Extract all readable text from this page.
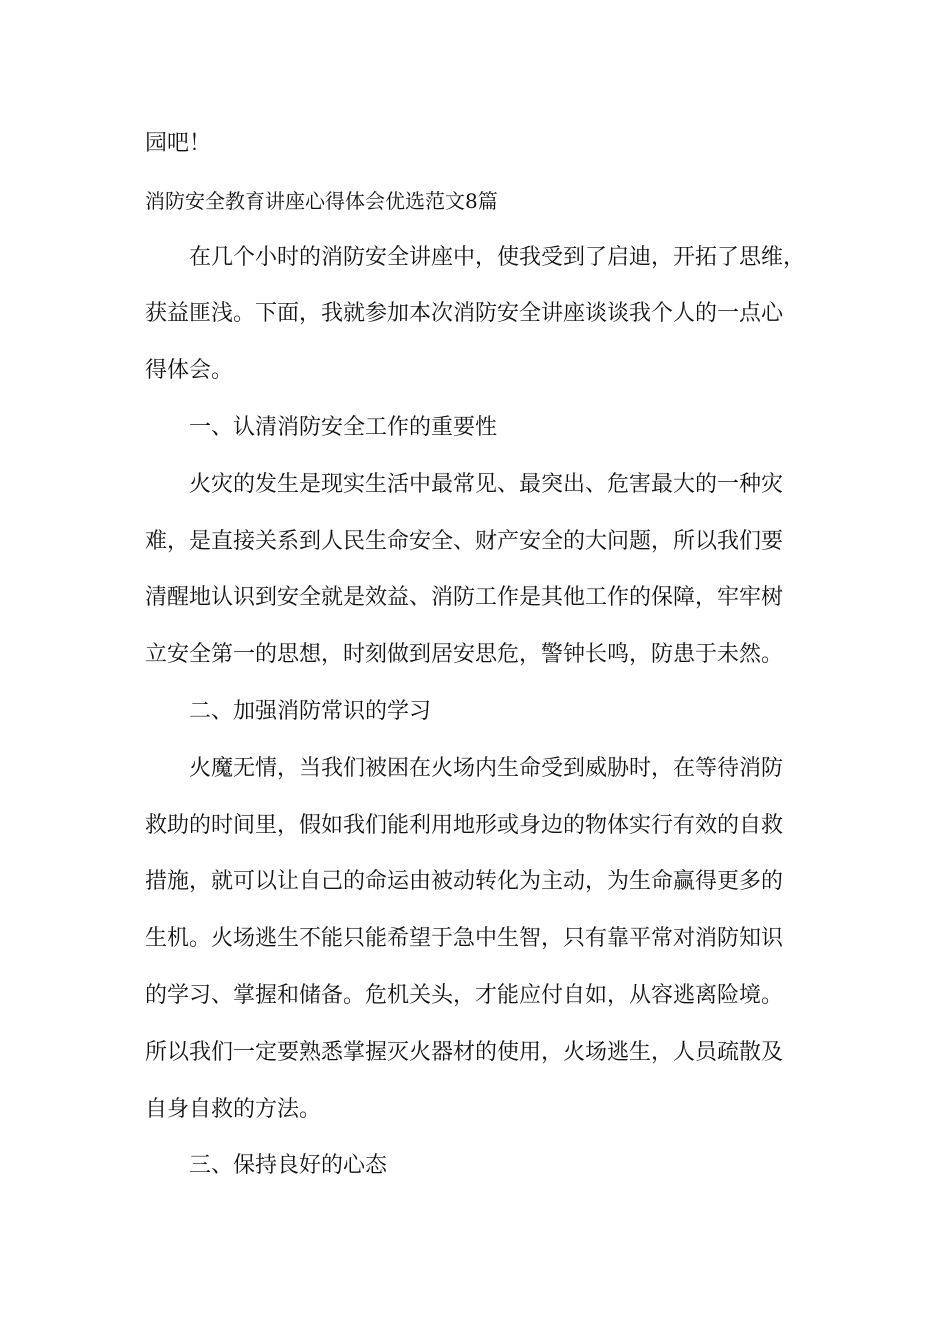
园吧！

消防安全教育讲座心得体会优选范文8篇

在几个小时的消防安全讲座中，使我受到了启迪，开拓了思维，

获益匪浅。下面，我就参加本次消防安全讲座谈谈我个人的一点心

得体会。

一、认清消防安全工作的重要性

火灾的发生是现实生活中最常见、最突出、危害最大的一种灾

难，是直接关系到人民生命安全、财产安全的大问题，所以我们要

清醒地认识到安全就是效益、消防工作是其他工作的保障，牢牢树

立安全第一的思想，时刻做到居安思危，警钟长鸣，防患于未然。

二、加强消防常识的学习

火魔无情，当我们被困在火场内生命受到威胁时，在等待消防

救助的时间里，假如我们能利用地形或身边的物体实行有效的自救

措施，就可以让自己的命运由被动转化为主动，为生命赢得更多的

生机。火场逃生不能只能希望于急中生智，只有靠平常对消防知识

的学习、掌握和储备。危机关头，才能应付自如，从容逃离险境。

所以我们一定要熟悉掌握灭火器材的使用，火场逃生，人员疏散及

自身自救的方法。

三、保持良好的心态
